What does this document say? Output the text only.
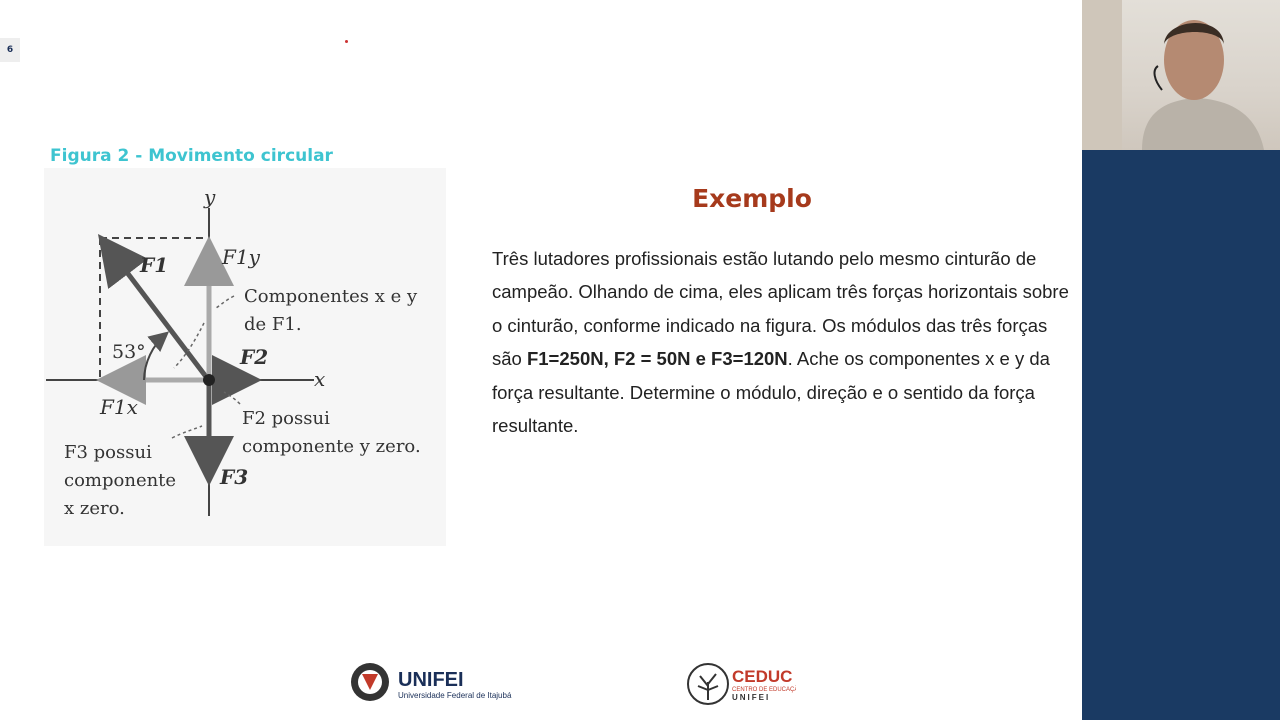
6
Figura 2 - Movimento circular
y
x
F1	F1y
F1x
F2
F3
53°
Componentes x e y
de F1.
F2 possui
componente y zero.
F3 possui
componente
x zero.
Exemplo
Três lutadores profissionais estão lutando pelo mesmo cinturão de campeão. Olhando de cima, eles aplicam três forças horizontais sobre o cinturão, conforme indicado na figura. Os módulos das três forças são F1=250N, F2 = 50N e F3=120N. Ache os componentes x e y da força resultante. Determine o módulo, direção e o sentido da força resultante.
UNIFEI
Universidade Federal de Itajubá
CEDUC
CENTRO DE EDUCAÇÃO
UNIFEI
